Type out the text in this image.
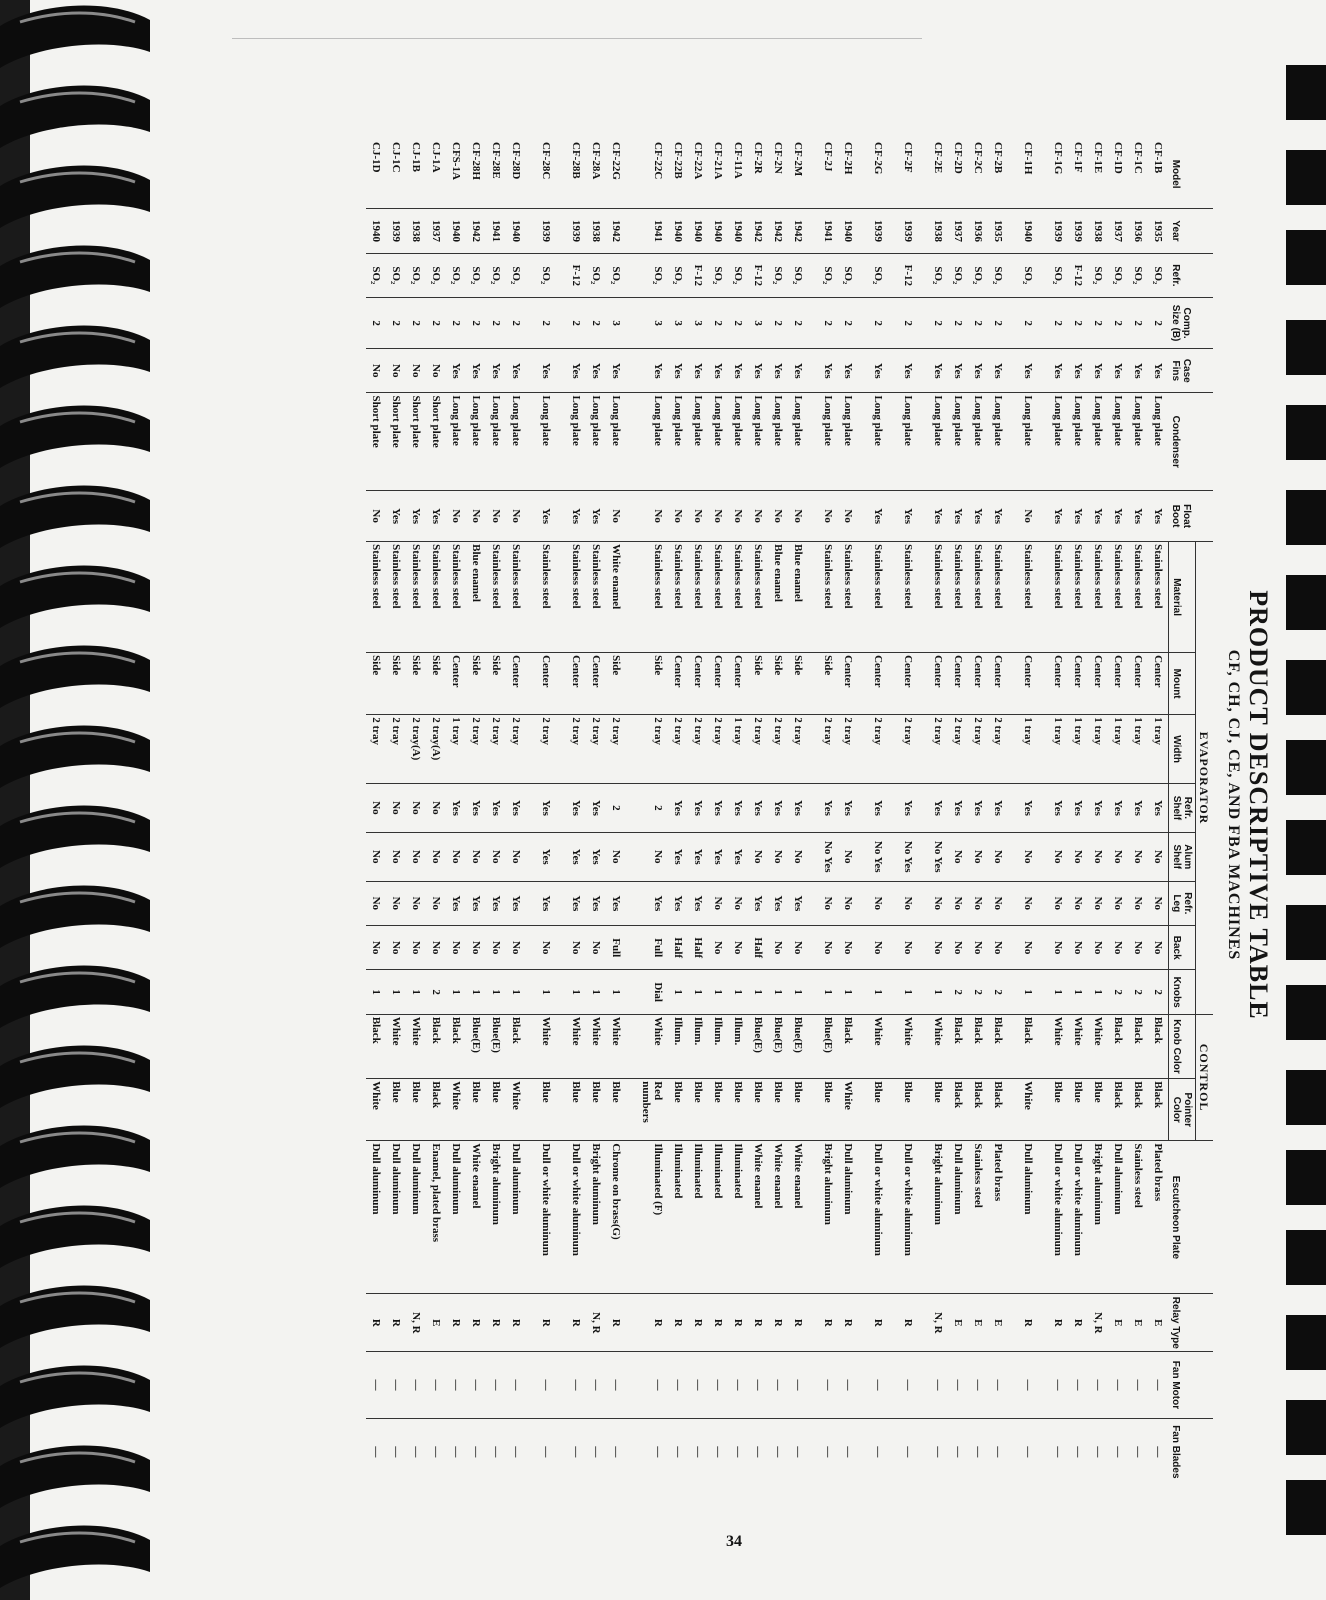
PRODUCT DESCRIPTIVE TABLE
CF, CH, CJ, CE, AND FBA MACHINES
Model	Year	Refr.	Comp. Size (B)	Case Fins	Condenser	Float Boot	EVAPORATOR								CONTROL		Escutcheon Plate	Relay Type	Fan Motor	Fan Blades
							Material	Mount	Width	Refr. Shelf	Alum Shelf	Refr. Leg	Back	Knobs	Knob Color	Pointer Color				
CF-1B	1935	SO₂	2	Yes	Long plate	Yes	Stainless steel	Center	1 tray	Yes	No	No	No	2	Black	Black	Plated brass	E	—	—
CF-1C	1936	SO₂	2	Yes	Long plate	Yes	Stainless steel	Center	1 tray	Yes	No	No	No	2	Black	Black	Stainless steel	E	—	—
CF-1D	1937	SO₂	2	Yes	Long plate	Yes	Stainless steel	Center	1 tray	Yes	No	No	No	2	Black	Black	Dull aluminum	E	—	—
CF-1E	1938	SO₂	2	Yes	Long plate	Yes	Stainless steel	Center	1 tray	Yes	No	No	No	1	White	Blue	Bright aluminum	N, R	—	—
CF-1F	1939	F-12	2	Yes	Long plate	Yes	Stainless steel	Center	1 tray	Yes	No	No	No	1	White	Blue	Dull or white aluminum	R	—	—
CF-1G	1939	SO₂	2	Yes	Long plate	Yes	Stainless steel	Center	1 tray	Yes	No	No	No	1	White	Blue	Dull or white aluminum	R	—	—
CF-1H	1940	SO₂	2	Yes	Long plate	No	Stainless steel	Center	1 tray	Yes	No	No	No	1	Black	White	Dull aluminum	R	—	—
CF-2B	1935	SO₂	2	Yes	Long plate	Yes	Stainless steel	Center	2 tray	Yes	No	No	No	2	Black	Black	Plated brass	E	—	—
CF-2C	1936	SO₂	2	Yes	Long plate	Yes	Stainless steel	Center	2 tray	Yes	No	No	No	2	Black	Black	Stainless steel	E	—	—
CF-2D	1937	SO₂	2	Yes	Long plate	Yes	Stainless steel	Center	2 tray	Yes	No	No	No	2	Black	Black	Dull aluminum	E	—	—
CF-2E	1938	SO₂	2	Yes	Long plate	Yes	Stainless steel	Center	2 tray	Yes	No Yes	No	No	1	White	Blue	Bright aluminum	N, R	—	—
CF-2F	1939	F-12	2	Yes	Long plate	Yes	Stainless steel	Center	2 tray	Yes	No Yes	No	No	1	White	Blue	Dull or white aluminum	R	—	—
CF-2G	1939	SO₂	2	Yes	Long plate	Yes	Stainless steel	Center	2 tray	Yes	No Yes	No	No	1	White	Blue	Dull or white aluminum	R	—	—
CF-2H	1940	SO₂	2	Yes	Long plate	No	Stainless steel	Center	2 tray	Yes	No	No	No	1	Black	White	Dull aluminum	R	—	—
CF-2J	1941	SO₂	2	Yes	Long plate	No	Stainless steel	Side	2 tray	Yes	No Yes	No	No	1	Blue(E)	Blue	Bright aluminum	R	—	—
CF-2M	1942	SO₂	2	Yes	Long plate	No	Blue enamel	Side	2 tray	Yes	No	Yes	No	1	Blue(E)	Blue	White enamel	R	—	—
CF-2N	1942	SO₂	2	Yes	Long plate	No	Blue enamel	Side	2 tray	Yes	No	Yes	No	1	Blue(E)	Blue	White enamel	R	—	—
CF-2R	1942	F-12	3	Yes	Long plate	No	Stainless steel	Side	2 tray	Yes	No	Yes	Half	1	Blue(E)	Blue	White enamel	R	—	—
CF-11A	1940	SO₂	2	Yes	Long plate	No	Stainless steel	Center	1 tray	Yes	Yes	No	No	1	Illum.	Blue	Illuminated	R	—	—
CF-21A	1940	SO₂	2	Yes	Long plate	No	Stainless steel	Center	2 tray	Yes	Yes	No	No	1	Illum.	Blue	Illuminated	R	—	—
CF-22A	1940	F-12	3	Yes	Long plate	No	Stainless steel	Center	2 tray	Yes	Yes	Yes	Half	1	Illum.	Blue	Illuminated	R	—	—
CF-22B	1940	SO₂	3	Yes	Long plate	No	Stainless steel	Center	2 tray	Yes	Yes	Yes	Half	1	Illum.	Blue	Illuminated	R	—	—
CF-22C	1941	SO₂	3	Yes	Long plate	No	Stainless steel	Side	2 tray	2	No	Yes	Full	Dial	White	Red numbers	Illuminated (F)	R	—	—
CF-22G	1942	SO₂	3	Yes	Long plate	No	White enamel	Side	2 tray	2	No	Yes	Full	1	White	Blue	Chrome on brass(G)	R	—	—
CF-28A	1938	SO₂	2	Yes	Long plate	Yes	Stainless steel	Center	2 tray	Yes	Yes	Yes	No	1	White	Blue	Bright aluminum	N, R	—	—
CF-28B	1939	F-12	2	Yes	Long plate	Yes	Stainless steel	Center	2 tray	Yes	Yes	Yes	No	1	White	Blue	Dull or white aluminum	R	—	—
CF-28C	1939	SO₂	2	Yes	Long plate	Yes	Stainless steel	Center	2 tray	Yes	Yes	Yes	No	1	White	Blue	Dull or white aluminum	R	—	—
CF-28D	1940	SO₂	2	Yes	Long plate	No	Stainless steel	Center	2 tray	Yes	No	Yes	No	1	Black	White	Dull aluminum	R	—	—
CF-28E	1941	SO₂	2	Yes	Long plate	No	Stainless steel	Side	2 tray	Yes	No	Yes	No	1	Blue(E)	Blue	Bright aluminum	R	—	—
CF-28H	1942	SO₂	2	Yes	Long plate	No	Blue enamel	Side	2 tray	Yes	No	Yes	No	1	Blue(E)	Blue	White enamel	R	—	—
CFS-1A	1940	SO₂	2	Yes	Long plate	No	Stainless steel	Center	1 tray	Yes	No	Yes	No	1	Black	White	Dull aluminum	R	—	—
CJ-1A	1937	SO₂	2	No	Short plate	Yes	Stainless steel	Side	2 tray(A)	No	No	No	No	2	Black	Black	Enamel, plated brass	E	—	—
CJ-1B	1938	SO₂	2	No	Short plate	Yes	Stainless steel	Side	2 tray(A)	No	No	No	No	1	White	Blue	Dull aluminum	N, R	—	—
CJ-1C	1939	SO₂	2	No	Short plate	Yes	Stainless steel	Side	2 tray	No	No	No	No	1	White	Blue	Dull aluminum	R	—	—
CJ-1D	1940	SO₂	2	No	Short plate	No	Stainless steel	Side	2 tray	No	No	No	No	1	Black	White	Dull aluminum	R	—	—
34
